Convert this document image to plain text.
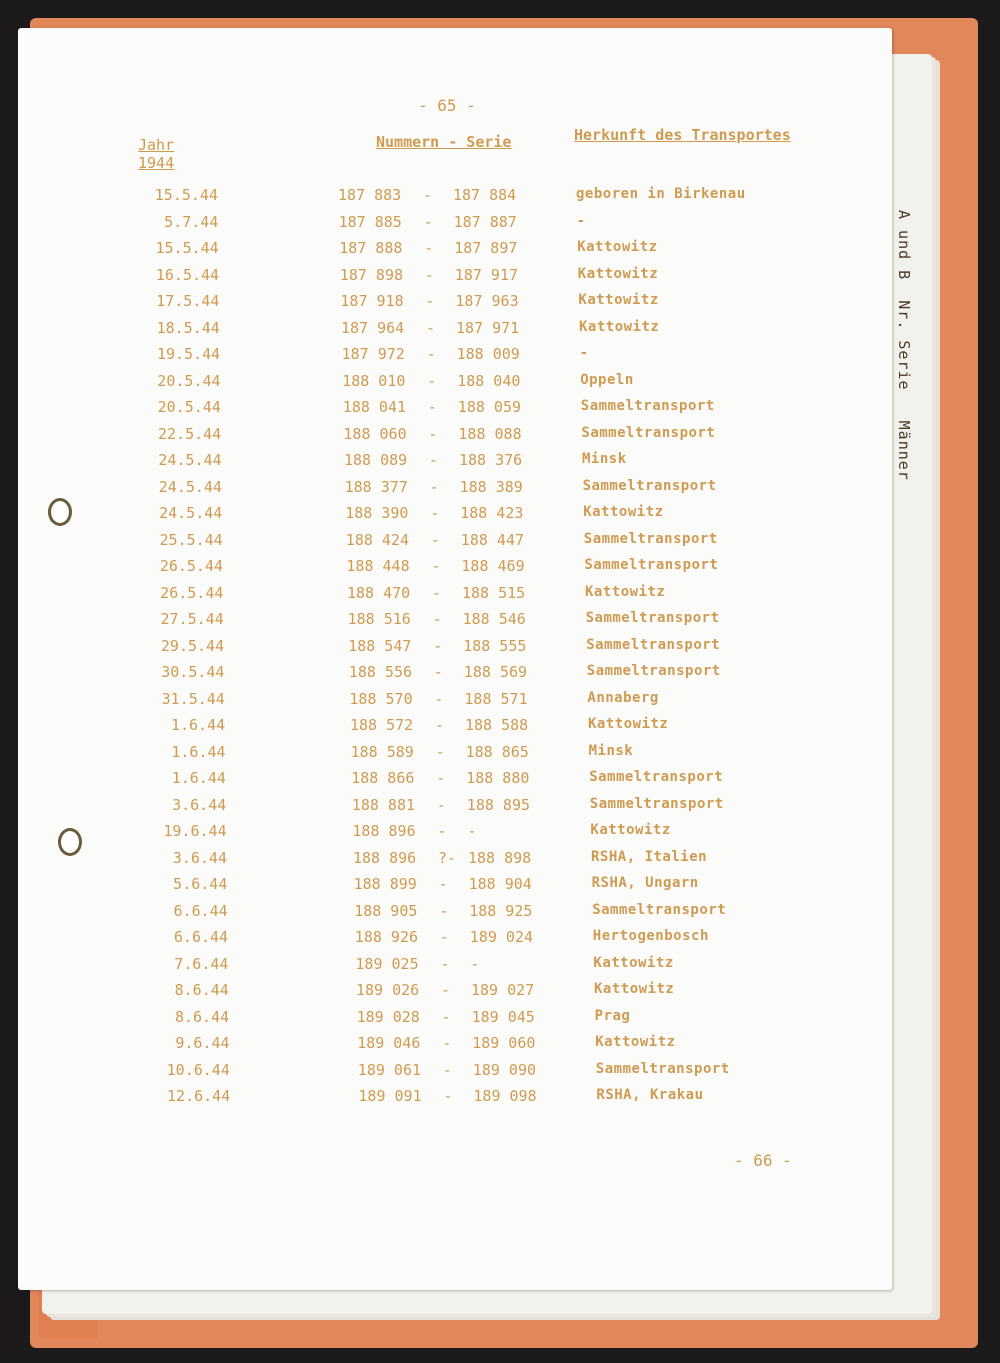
A und B  Nr. Serie   Männer
- 65 -
Jahr
1944
Nummern - Serie	Herkunft des Transportes
15.5.44	187 883 - 187 884	geboren in Birkenau
5.7.44	187 885 - 187 887	-
15.5.44	187 888 - 187 897	Kattowitz
16.5.44	187 898 - 187 917	Kattowitz
17.5.44	187 918 - 187 963	Kattowitz
18.5.44	187 964 - 187 971	Kattowitz
19.5.44	187 972 - 188 009	-
20.5.44	188 010 - 188 040	Oppeln
20.5.44	188 041 - 188 059	Sammeltransport
22.5.44	188 060 - 188 088	Sammeltransport
24.5.44	188 089 - 188 376	Minsk
24.5.44	188 377 - 188 389	Sammeltransport
24.5.44	188 390 - 188 423	Kattowitz
25.5.44	188 424 - 188 447	Sammeltransport
26.5.44	188 448 - 188 469	Sammeltransport
26.5.44	188 470 - 188 515	Kattowitz
27.5.44	188 516 - 188 546	Sammeltransport
29.5.44	188 547 - 188 555	Sammeltransport
30.5.44	188 556 - 188 569	Sammeltransport
31.5.44	188 570 - 188 571	Annaberg
1.6.44	188 572 - 188 588	Kattowitz
1.6.44	188 589 - 188 865	Minsk
1.6.44	188 866 - 188 880	Sammeltransport
3.6.44	188 881 - 188 895	Sammeltransport
19.6.44	188 896 - -	Kattowitz
3.6.44	188 896 ?- 188 898	RSHA, Italien
5.6.44	188 899 - 188 904	RSHA, Ungarn
6.6.44	188 905 - 188 925	Sammeltransport
6.6.44	188 926 - 189 024	Hertogenbosch
7.6.44	189 025 - -	Kattowitz
8.6.44	189 026 - 189 027	Kattowitz
8.6.44	189 028 - 189 045	Prag
9.6.44	189 046 - 189 060	Kattowitz
10.6.44	189 061 - 189 090	Sammeltransport
12.6.44	189 091 - 189 098	RSHA, Krakau
- 66 -
